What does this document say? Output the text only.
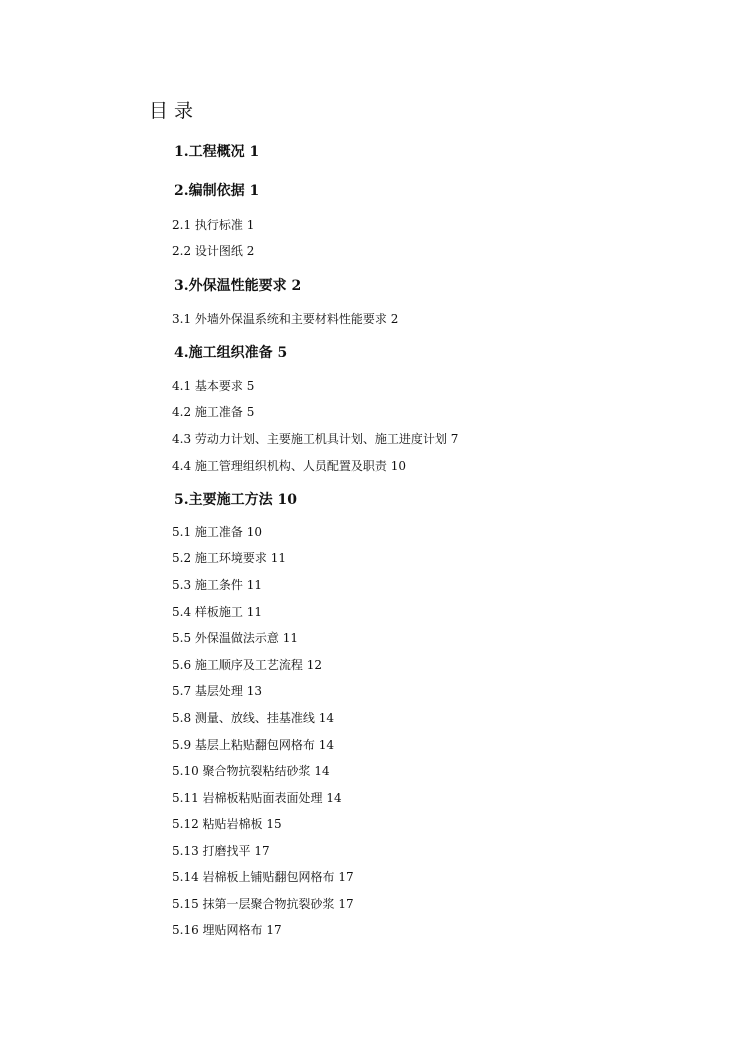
目录
1.工程概况 1
2.编制依据 1
2.1 执行标准 1
2.2 设计图纸 2
3.外保温性能要求 2
3.1 外墙外保温系统和主要材料性能要求 2
4.施工组织准备 5
4.1 基本要求 5
4.2 施工准备 5
4.3 劳动力计划、主要施工机具计划、施工进度计划 7
4.4 施工管理组织机构、人员配置及职责 10
5.主要施工方法 10
5.1 施工准备 10
5.2 施工环境要求 11
5.3 施工条件 11
5.4 样板施工 11
5.5 外保温做法示意 11
5.6 施工顺序及工艺流程 12
5.7 基层处理 13
5.8 测量、放线、挂基准线 14
5.9 基层上粘贴翻包网格布 14
5.10 聚合物抗裂粘结砂浆 14
5.11 岩棉板粘贴面表面处理 14
5.12 粘贴岩棉板 15
5.13 打磨找平 17
5.14 岩棉板上铺贴翻包网格布 17
5.15 抹第一层聚合物抗裂砂浆 17
5.16 埋贴网格布 17
